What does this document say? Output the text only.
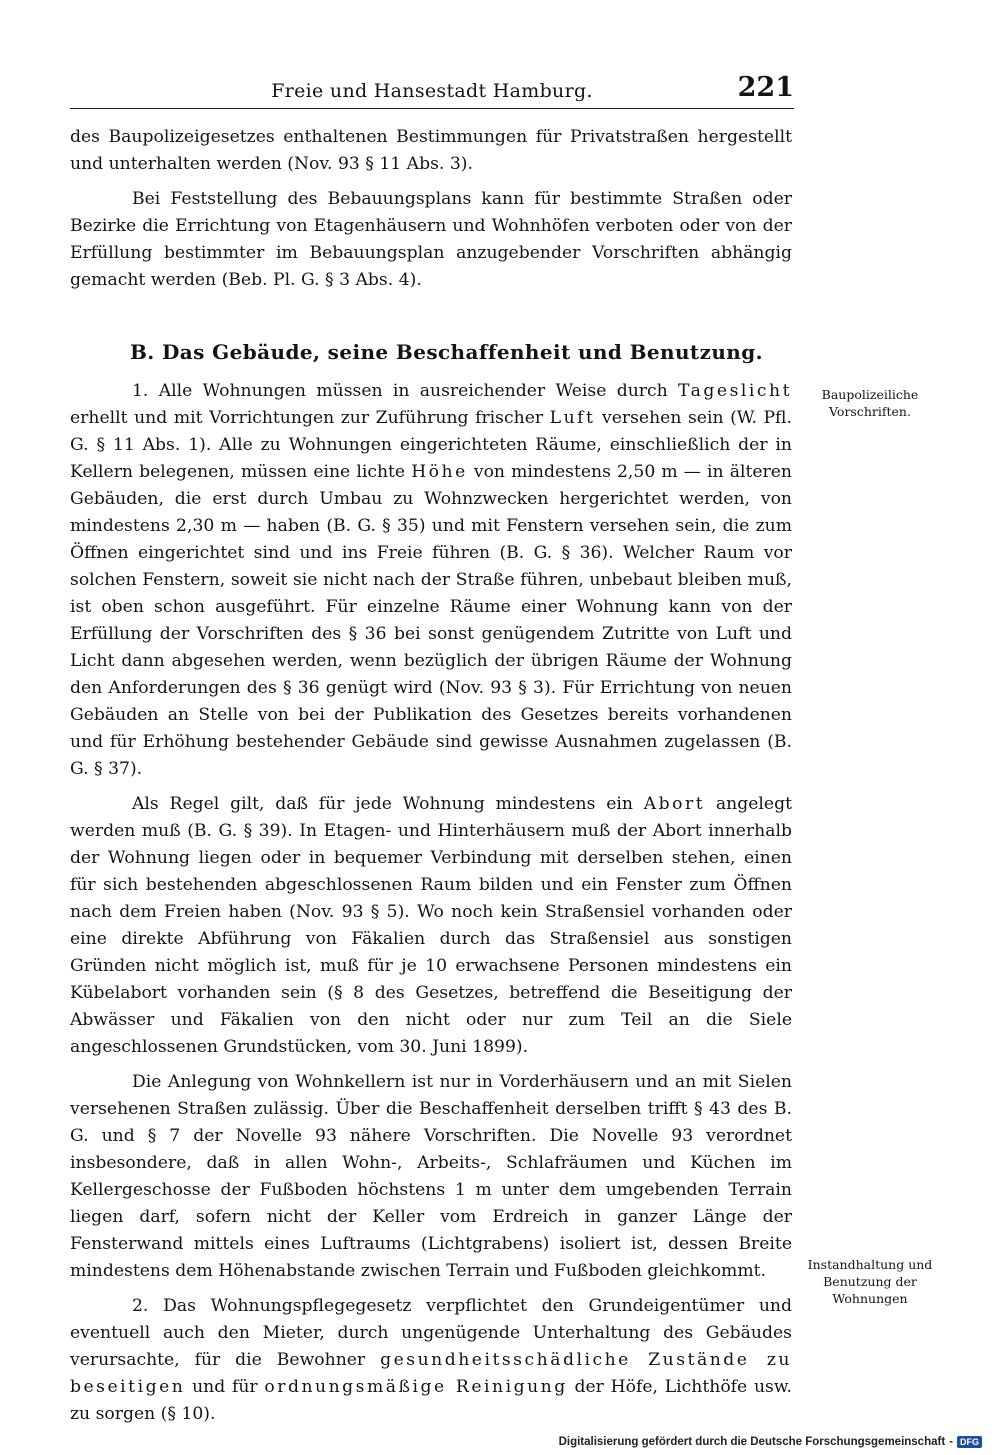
Freie und Hansestadt Hamburg.	221

des Baupolizeigesetzes enthaltenen Bestimmungen für Privatstraßen hergestellt und unterhalten werden (Nov. 93 § 11 Abs. 3).

Bei Feststellung des Bebauungsplans kann für bestimmte Straßen oder Bezirke die Errichtung von Etagenhäusern und Wohnhöfen verboten oder von der Erfüllung bestimmter im Bebauungsplan anzugebender Vorschriften abhängig gemacht werden (Beb. Pl. G. § 3 Abs. 4).

B. Das Gebäude, seine Beschaffenheit und Benutzung.

1. Alle Wohnungen müssen in ausreichender Weise durch Tageslicht erhellt und mit Vorrichtungen zur Zuführung frischer Luft versehen sein (W. Pfl. G. § 11 Abs. 1). Alle zu Wohnungen eingerichteten Räume, einschließlich der in Kellern belegenen, müssen eine lichte Höhe von mindestens 2,50 m — in älteren Gebäuden, die erst durch Umbau zu Wohnzwecken hergerichtet werden, von mindestens 2,30 m — haben (B. G. § 35) und mit Fenstern versehen sein, die zum Öffnen eingerichtet sind und ins Freie führen (B. G. § 36). Welcher Raum vor solchen Fenstern, soweit sie nicht nach der Straße führen, unbebaut bleiben muß, ist oben schon ausgeführt. Für einzelne Räume einer Wohnung kann von der Erfüllung der Vorschriften des § 36 bei sonst genügendem Zutritte von Luft und Licht dann abgesehen werden, wenn bezüglich der übrigen Räume der Wohnung den Anforderungen des § 36 genügt wird (Nov. 93 § 3). Für Errichtung von neuen Gebäuden an Stelle von bei der Publikation des Gesetzes bereits vorhandenen und für Erhöhung bestehender Gebäude sind gewisse Ausnahmen zugelassen (B. G. § 37).

Als Regel gilt, daß für jede Wohnung mindestens ein Abort angelegt werden muß (B. G. § 39). In Etagen- und Hinterhäusern muß der Abort innerhalb der Wohnung liegen oder in bequemer Verbindung mit derselben stehen, einen für sich bestehenden abgeschlossenen Raum bilden und ein Fenster zum Öffnen nach dem Freien haben (Nov. 93 § 5). Wo noch kein Straßensiel vorhanden oder eine direkte Abführung von Fäkalien durch das Straßensiel aus sonstigen Gründen nicht möglich ist, muß für je 10 erwachsene Personen mindestens ein Kübelabort vorhanden sein (§ 8 des Gesetzes, betreffend die Beseitigung der Abwässer und Fäkalien von den nicht oder nur zum Teil an die Siele angeschlossenen Grundstücken, vom 30. Juni 1899).

Die Anlegung von Wohnkellern ist nur in Vorderhäusern und an mit Sielen versehenen Straßen zulässig. Über die Beschaffenheit derselben trifft § 43 des B. G. und § 7 der Novelle 93 nähere Vorschriften. Die Novelle 93 verordnet insbesondere, daß in allen Wohn-, Arbeits-, Schlafräumen und Küchen im Kellergeschosse der Fußboden höchstens 1 m unter dem umgebenden Terrain liegen darf, sofern nicht der Keller vom Erdreich in ganzer Länge der Fensterwand mittels eines Luftraums (Lichtgrabens) isoliert ist, dessen Breite mindestens dem Höhenabstande zwischen Terrain und Fußboden gleichkommt.

2. Das Wohnungspflegegesetz verpflichtet den Grundeigentümer und eventuell auch den Mieter, durch ungenügende Unterhaltung des Gebäudes verursachte, für die Bewohner gesundheitsschädliche Zustände zu beseitigen und für ordnungsmäßige Reinigung der Höfe, Lichthöfe usw. zu sorgen (§ 10).

Baupolizeiliche
Vorschriften.
Instandhaltung und
Benutzung der
Wohnungen
Digitalisierung gefördert durch die Deutsche Forschungsgemeinschaft - DFG
